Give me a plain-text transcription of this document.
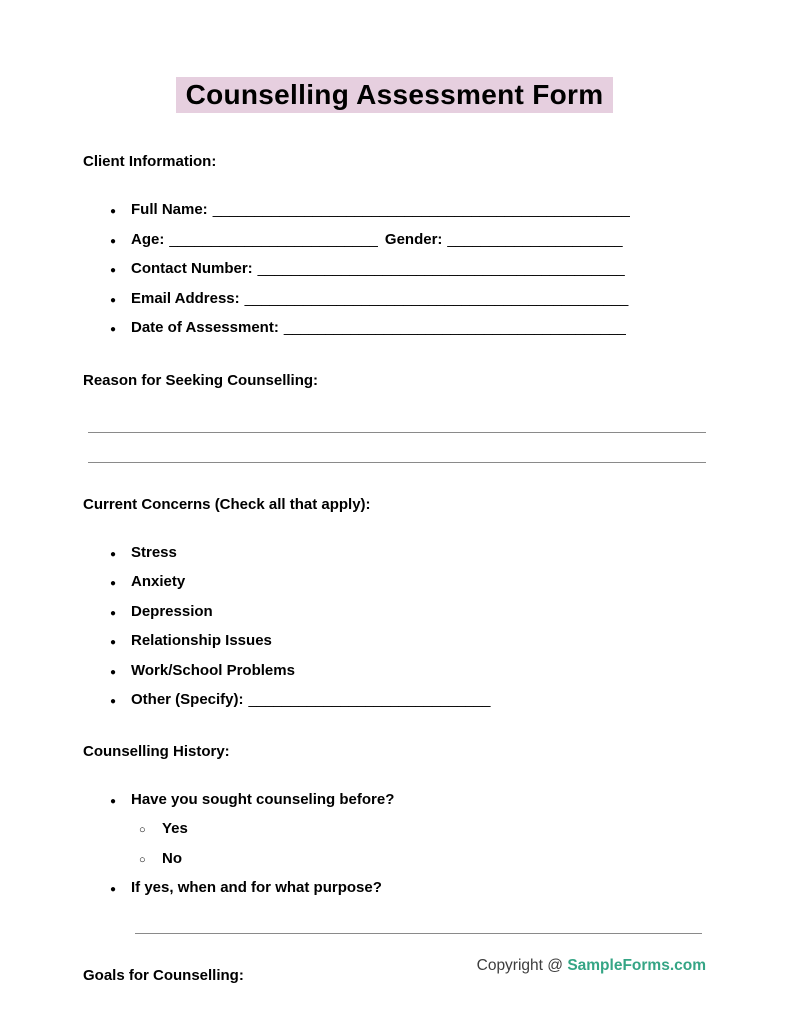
Counselling Assessment Form
Client Information:
● Full Name: __________________________________________________
● Age: _________________________ Gender: _____________________
● Contact Number: ____________________________________________
● Email Address: ______________________________________________
● Date of Assessment: _________________________________________
Reason for Seeking Counselling:
Current Concerns (Check all that apply):
● Stress
● Anxiety
● Depression
● Relationship Issues
● Work/School Problems
● Other (Specify): _____________________________
Counselling History:
● Have you sought counseling before?
○	Yes
○	No
● If yes, when and for what purpose?
Goals for Counselling:
Copyright @ SampleForms.com
